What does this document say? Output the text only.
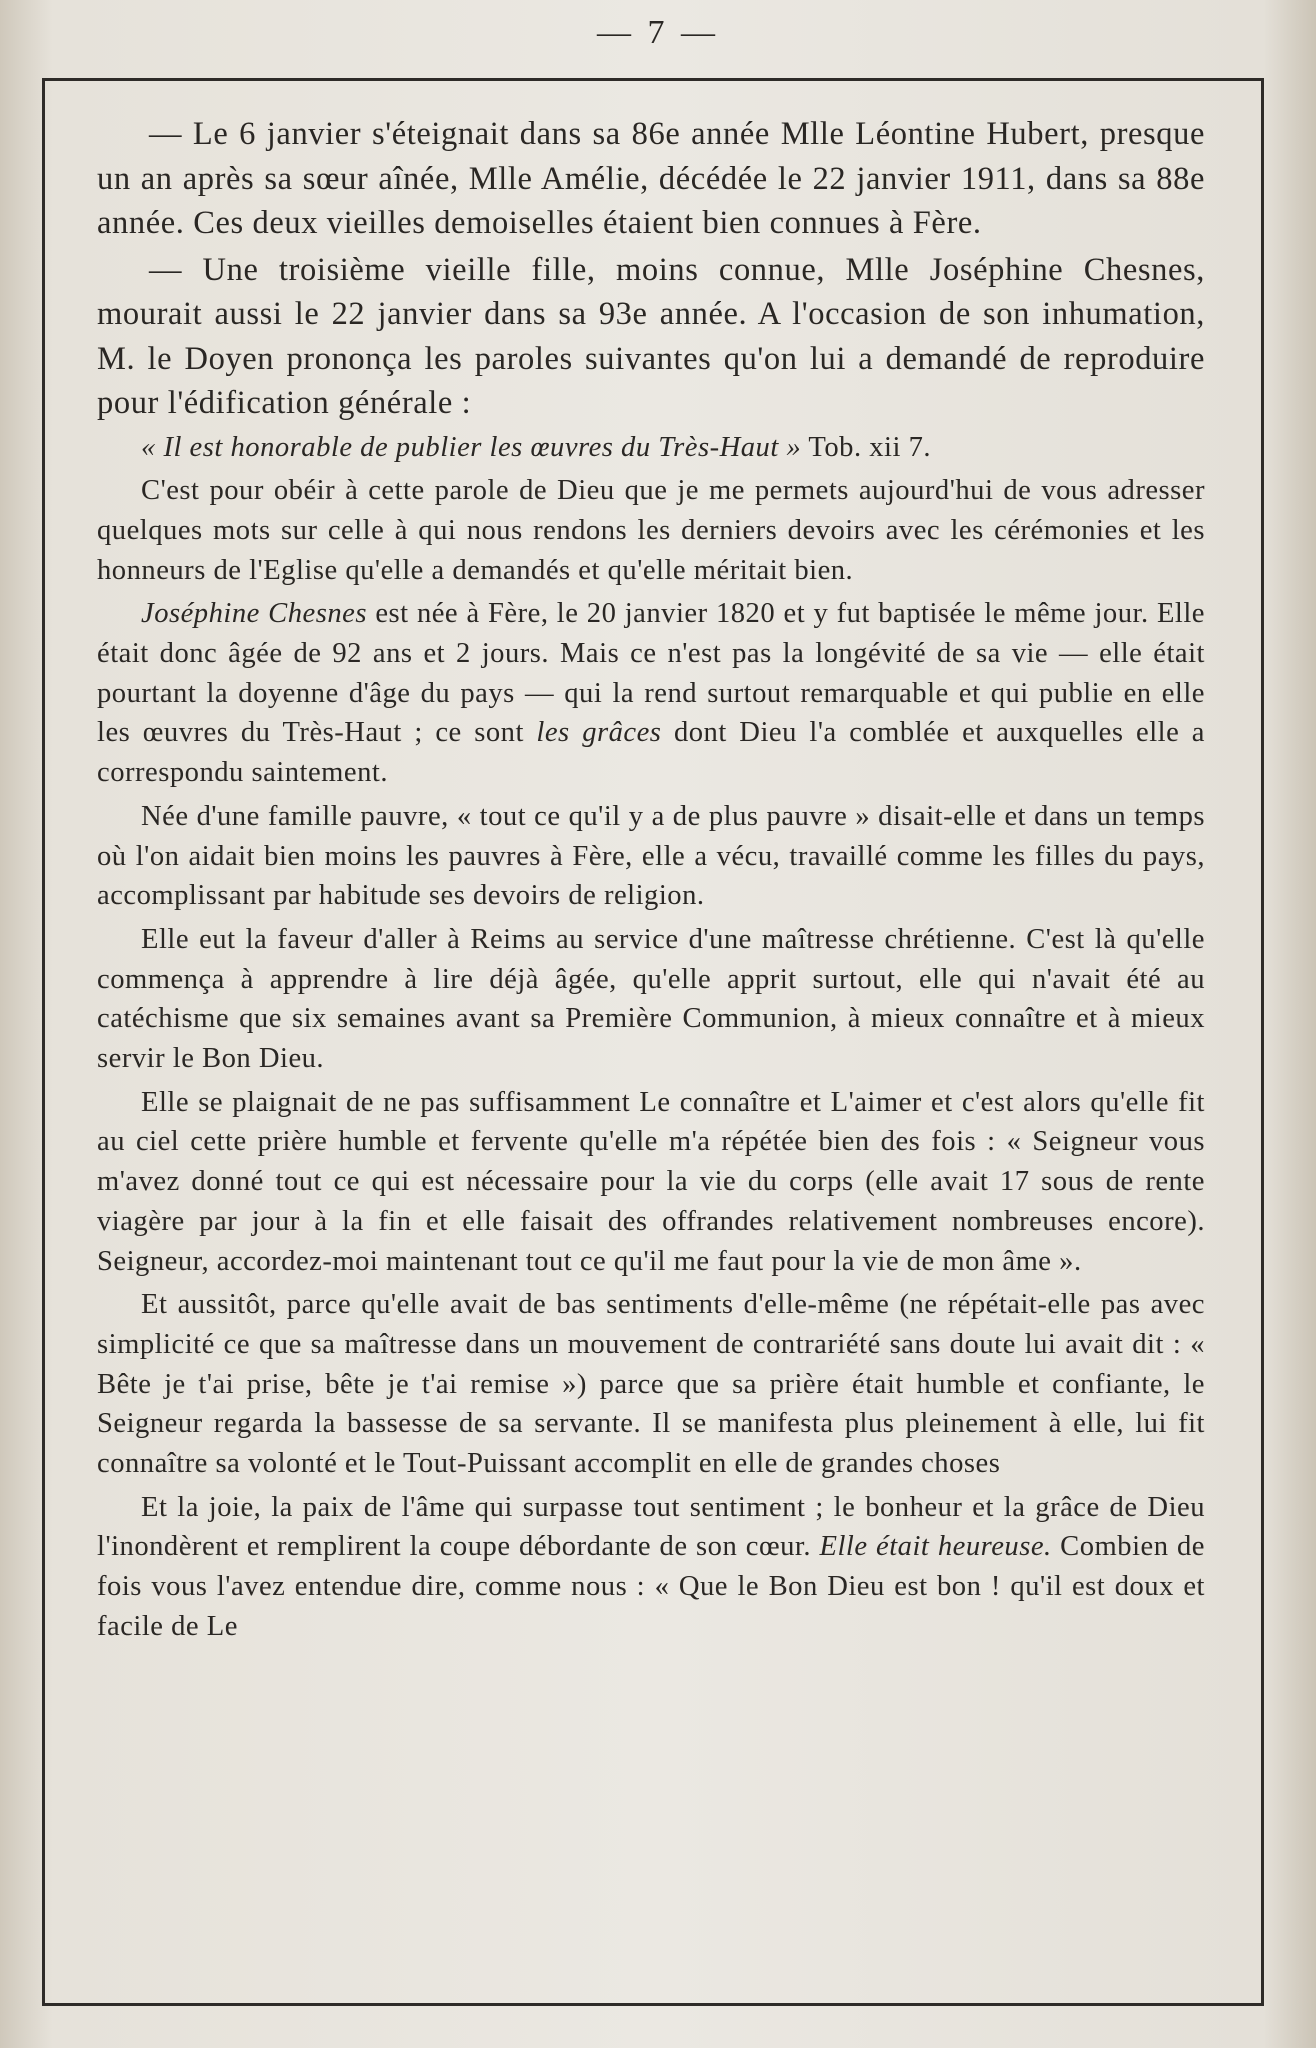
— 7 —

— Le 6 janvier s'éteignait dans sa 86e année Mlle Léontine Hubert, presque un an après sa sœur aînée, Mlle Amélie, décédée le 22 janvier 1911, dans sa 88e année. Ces deux vieilles demoiselles étaient bien connues à Fère.

— Une troisième vieille fille, moins connue, Mlle Joséphine Chesnes, mourait aussi le 22 janvier dans sa 93e année. A l'occasion de son inhumation, M. le Doyen prononça les paroles suivantes qu'on lui a demandé de reproduire pour l'édification générale :

« Il est honorable de publier les œuvres du Très-Haut » Tob. xii 7.

C'est pour obéir à cette parole de Dieu que je me permets aujourd'hui de vous adresser quelques mots sur celle à qui nous rendons les derniers devoirs avec les cérémonies et les honneurs de l'Eglise qu'elle a demandés et qu'elle méritait bien.

Joséphine Chesnes est née à Fère, le 20 janvier 1820 et y fut baptisée le même jour. Elle était donc âgée de 92 ans et 2 jours. Mais ce n'est pas la longévité de sa vie — elle était pourtant la doyenne d'âge du pays — qui la rend surtout remarquable et qui publie en elle les œuvres du Très-Haut ; ce sont les grâces dont Dieu l'a comblée et auxquelles elle a correspondu saintement.

Née d'une famille pauvre, « tout ce qu'il y a de plus pauvre » disait-elle et dans un temps où l'on aidait bien moins les pauvres à Fère, elle a vécu, travaillé comme les filles du pays, accomplissant par habitude ses devoirs de religion.

Elle eut la faveur d'aller à Reims au service d'une maîtresse chrétienne. C'est là qu'elle commença à apprendre à lire déjà âgée, qu'elle apprit surtout, elle qui n'avait été au catéchisme que six semaines avant sa Première Communion, à mieux connaître et à mieux servir le Bon Dieu.

Elle se plaignait de ne pas suffisamment Le connaître et L'aimer et c'est alors qu'elle fit au ciel cette prière humble et fervente qu'elle m'a répétée bien des fois : « Seigneur vous m'avez donné tout ce qui est nécessaire pour la vie du corps (elle avait 17 sous de rente viagère par jour à la fin et elle faisait des offrandes relativement nombreuses encore). Seigneur, accordez-moi maintenant tout ce qu'il me faut pour la vie de mon âme ».

Et aussitôt, parce qu'elle avait de bas sentiments d'elle-même (ne répétait-elle pas avec simplicité ce que sa maîtresse dans un mouvement de contrariété sans doute lui avait dit : « Bête je t'ai prise, bête je t'ai remise ») parce que sa prière était humble et confiante, le Seigneur regarda la bassesse de sa servante. Il se manifesta plus pleinement à elle, lui fit connaître sa volonté et le Tout-Puissant accomplit en elle de grandes choses

Et la joie, la paix de l'âme qui surpasse tout sentiment ; le bonheur et la grâce de Dieu l'inondèrent et remplirent la coupe débordante de son cœur. Elle était heureuse. Combien de fois vous l'avez entendue dire, comme nous : « Que le Bon Dieu est bon ! qu'il est doux et facile de Le
